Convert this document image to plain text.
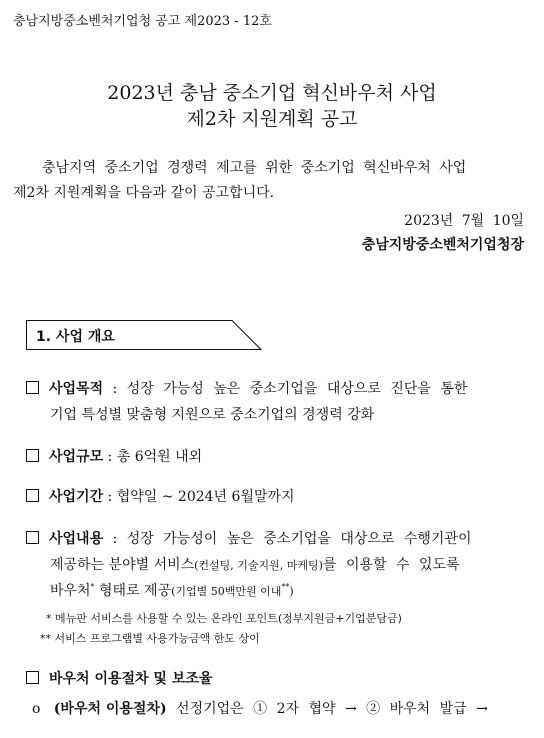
충남지방중소벤처기업청 공고 제2023 - 12호
2023년 충남 중소기업 혁신바우처 사업
제2차 지원계획 공고
충남지역 중소기업 경쟁력 제고를 위한 중소기업 혁신바우처 사업
제2차 지원계획을 다음과 같이 공고합니다.
2023년 7월 10일
충남지방중소벤처기업청장
1. 사업 개요
사업목적 : 성장 가능성 높은 중소기업을 대상으로 진단을 통한
기업 특성별 맞춤형 지원으로 중소기업의 경쟁력 강화
사업규모 : 총 6억원 내외
사업기간 : 협약일 ~ 2024년 6월말까지
사업내용 : 성장 가능성이 높은 중소기업을 대상으로 수행기관이
제공하는 분야별 서비스(컨설팅, 기술지원, 마케팅)를 이용할 수 있도록
바우처* 형태로 제공(기업별 50백만원 이내**)
* 메뉴판 서비스를 사용할 수 있는 온라인 포인트(정부지원금+기업분담금)
** 서비스 프로그램별 사용가능금액 한도 상이
바우처 이용절차 및 보조율
o (바우처 이용절차) 선정기업은 ① 2자 협약 → ② 바우처 발급 →
